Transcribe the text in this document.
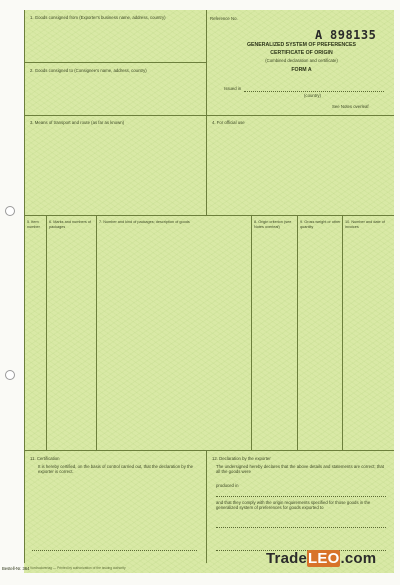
A 898135
Reference No.
GENERALIZED SYSTEM OF PREFERENCES
CERTIFICATE OF ORIGIN
(Combined declaration and certificate)
FORM A
Issued in
(country)
See Notes overleaf
1. Goods consigned from (Exporter's business name, address, country)
2. Goods consigned to (Consignee's name, address, country)
3. Means of transport and route (as far as known)	4. For official use
5. Item number
6. Marks and numbers of packages
7. Number and kind of packages; description of goods	8. Origin criterion (see Notes overleaf)
9. Gross weight or other quantity
10. Number and date of invoices
11. Certification
It is hereby certified, on the basis of control carried out, that the declaration by the exporter is correct.
12. Declaration by the exporter
The undersigned hereby declares that the above details and statements are correct; that all the goods were
produced in
and that they comply with the origin requirements specified for those goods in the generalized system of preferences for goods exported to
Bestell-Nr. 364 Vordruckverlag — Printed by authorization of the issuing authority
TradeLEO.com
